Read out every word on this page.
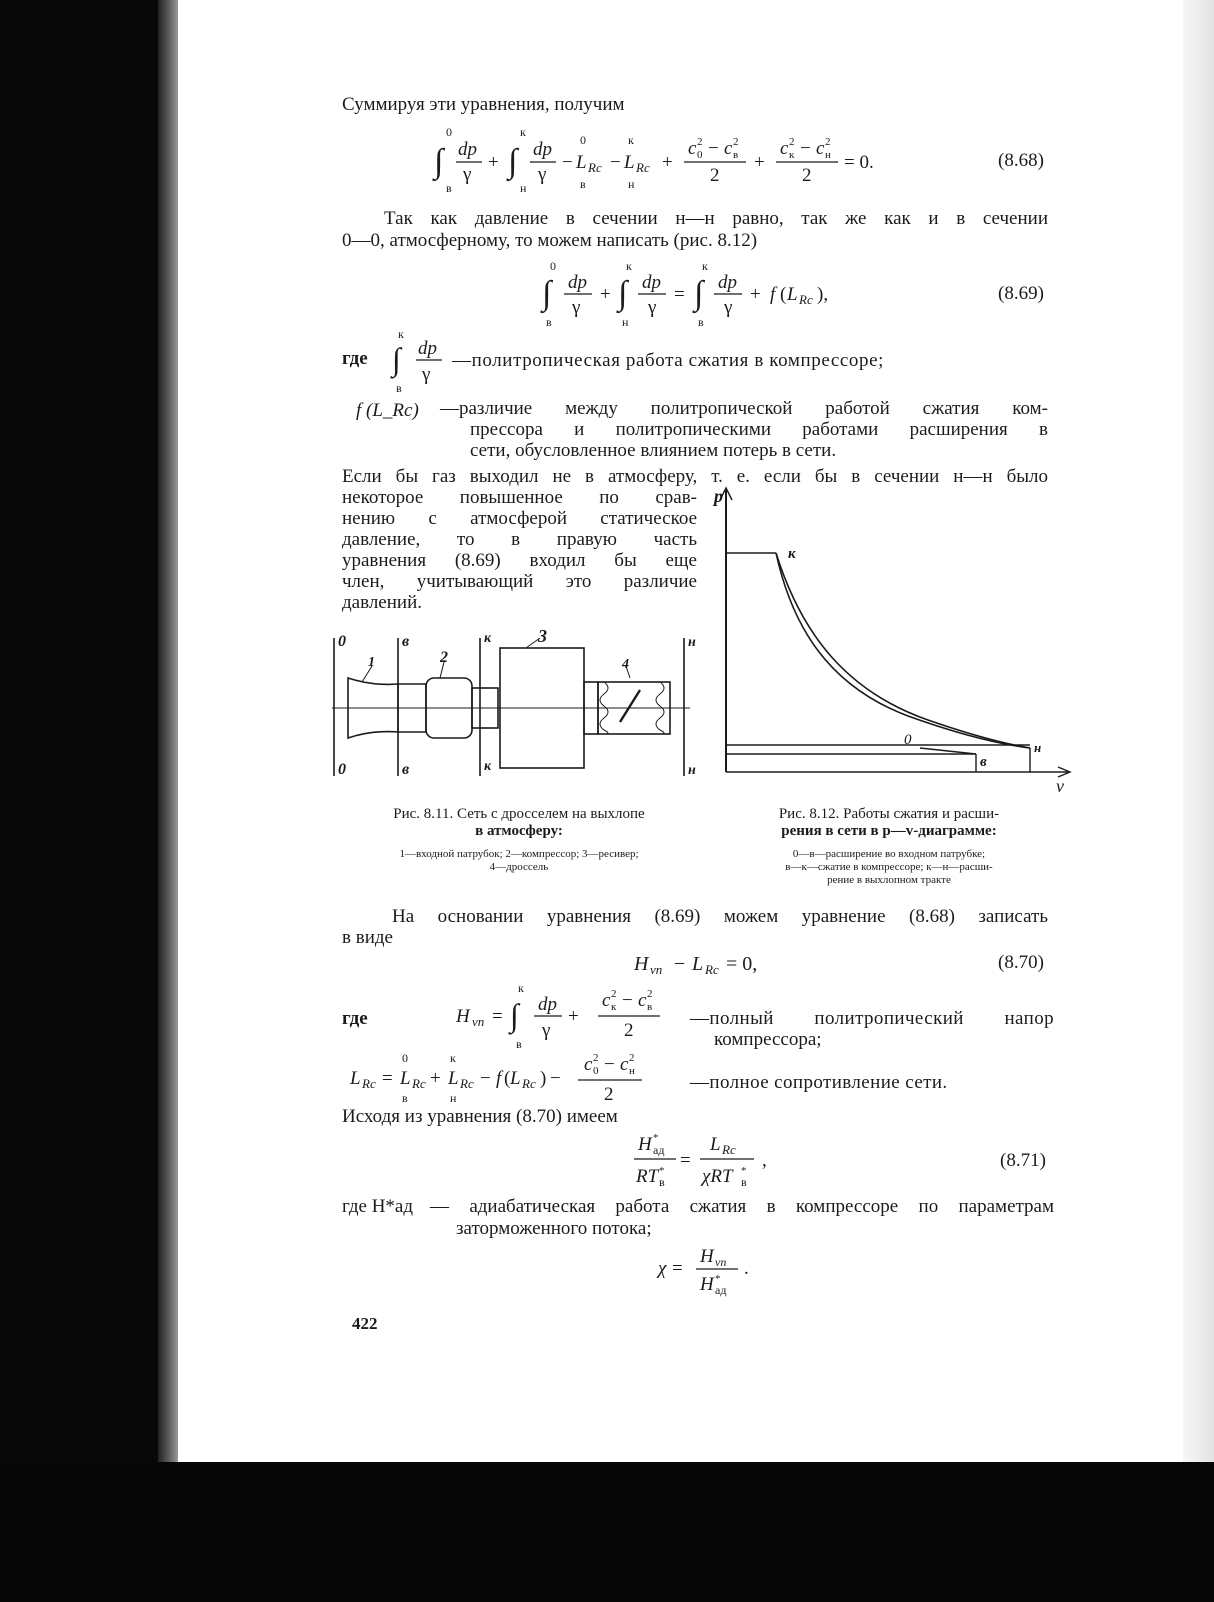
Суммируя эти уравнения, получим
∫
0
в
dp
γ
+ ∫
к
н
dp
γ
−
0
L Rc
в
−
к
L Rc
н
+
c 2
0 − c 2
в
2
+
c 2
к − c 2
н
2
= 0.	(8.68)
Так как давление в сечении н—н равно, так же как и в сечении
0—0, атмосферному, то можем написать (рис. 8.12)
∫
0
в
dp
γ
+ ∫
к
н
dp
γ
= ∫
к
в
dp
γ
+ f ( L Rc ),	(8.69)
где ∫
к
в
dp
γ
—политропическая работа сжатия в компрессоре;
f (L_Rc) —различие между политропической работой сжатия ком-
прессора и политропическими работами расширения в
сети, обусловленное влиянием потерь в сети.
Если бы газ выходил не в атмосферу, т. е. если бы в сечении н—н было
некоторое повышенное по срав-
нению с атмосферой статическое
давление, то в правую часть
уравнения (8.69) входил бы еще
член, учитывающий это различие
давлений.
0	в	к	н
0	в	к	н
1	2
3
4
p
v
к
0
в
н
Рис. 8.11. Сеть с дросселем на выхлопе
в атмосферу:
1—входной патрубок; 2—компрессор; 3—ресивер;
4—дроссель
Рис. 8.12. Работы сжатия и расши-
рения в сети в p—v-диаграмме:
0—в—расширение во входном патрубке;
в—к—сжатие в компрессоре; к—н—расши-
рение в выхлопном тракте
На основании уравнения (8.69) можем уравнение (8.68) записать
в виде
H vп − L Rc = 0,	(8.70)
где	H vп = ∫
к
в
dp
γ
+
c 2
к − c 2
в
2
—полный политропический напор
компрессора;
L Rc =
0
L Rc
в
+
к
L Rc
н
− f ( L Rc ) −
c 2
0 − c 2
н
2
—полное сопротивление сети.
Исходя из уравнения (8.70) имеем
H *
ад
RT *
в
=
L Rc
χRT *
в
,	(8.71)
где H*ад — адиабатическая работа сжатия в компрессоре по параметрам
заторможенного потока;
χ =
H vп
H *
ад
.
422
